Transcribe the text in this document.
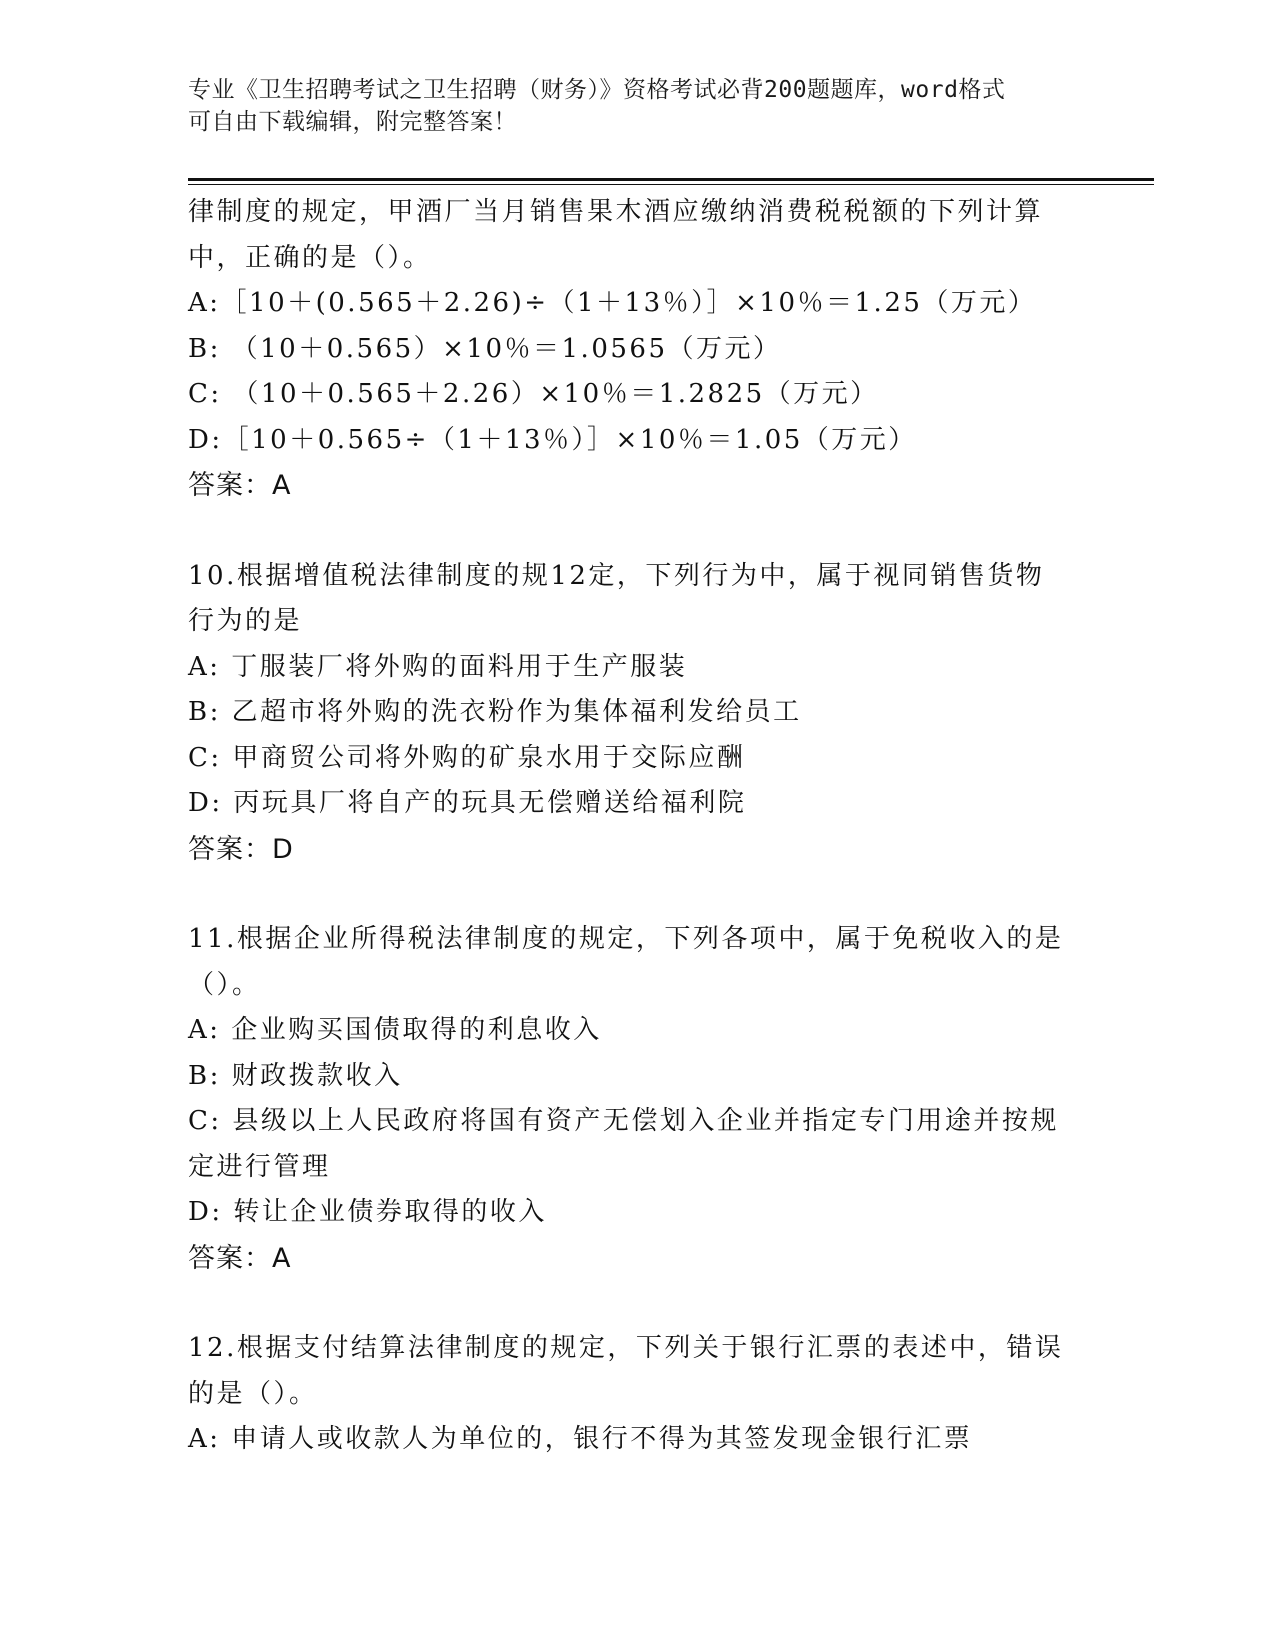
专业《卫生招聘考试之卫生招聘（财务）》资格考试必背200题题库，word格式
可自由下载编辑，附完整答案！
律制度的规定，甲酒厂当月销售果木酒应缴纳消费税税额的下列计算
中，正确的是（）。
A:［10＋(0.565＋2.26)÷（1＋13％）］×10％＝1.25（万元）
B: （10＋0.565）×10％＝1.0565（万元）
C: （10＋0.565＋2.26）×10％＝1.2825（万元）
D:［10＋0.565÷（1＋13％）］×10％＝1.05（万元）
答案：A
10.根据增值税法律制度的规12定，下列行为中，属于视同销售货物
行为的是
A: 丁服装厂将外购的面料用于生产服装
B: 乙超市将外购的洗衣粉作为集体福利发给员工
C: 甲商贸公司将外购的矿泉水用于交际应酬
D: 丙玩具厂将自产的玩具无偿赠送给福利院
答案：D
11.根据企业所得税法律制度的规定，下列各项中，属于免税收入的是
（）。
A: 企业购买国债取得的利息收入
B: 财政拨款收入
C: 县级以上人民政府将国有资产无偿划入企业并指定专门用途并按规
定进行管理
D: 转让企业债券取得的收入
答案：A
12.根据支付结算法律制度的规定，下列关于银行汇票的表述中，错误
的是（）。
A: 申请人或收款人为单位的，银行不得为其签发现金银行汇票
